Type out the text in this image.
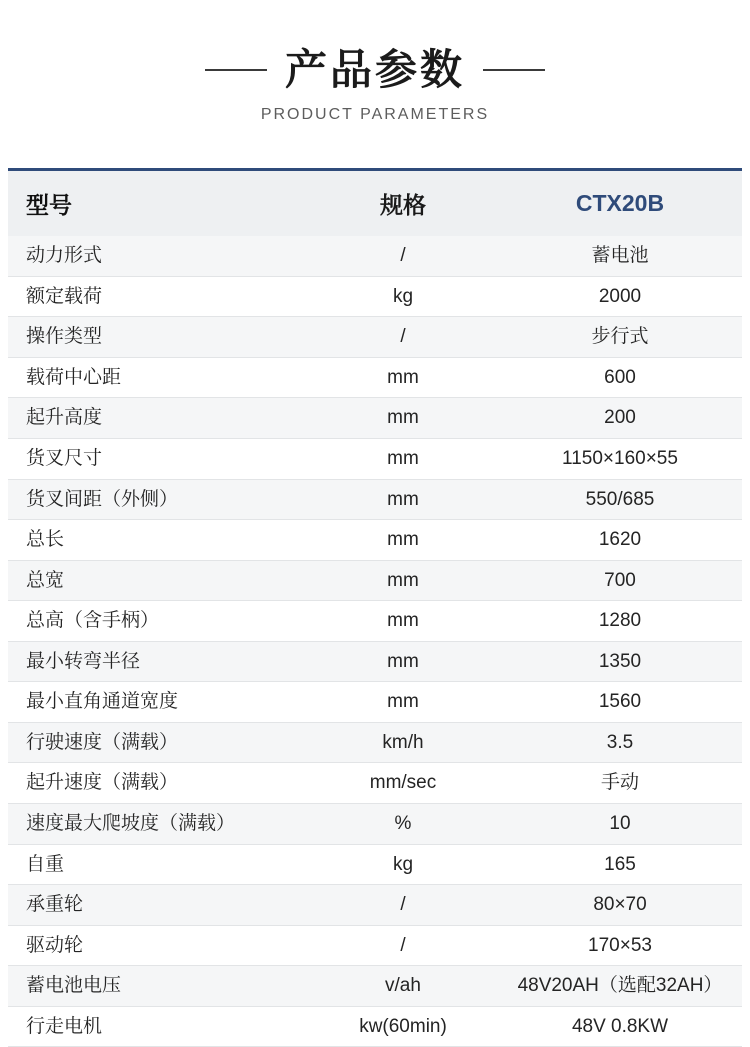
产品参数
PRODUCT PARAMETERS
型号	规格	CTX20B
动力形式	/	蓄电池
额定载荷	kg	2000
操作类型	/	步行式
载荷中心距	mm	600
起升高度	mm	200
货叉尺寸	mm	1150×160×55
货叉间距（外侧）	mm	550/685
总长	mm	1620
总宽	mm	700
总高（含手柄）	mm	1280
最小转弯半径	mm	1350
最小直角通道宽度	mm	1560
行驶速度（满载）	km/h	3.5
起升速度（满载）	mm/sec	手动
速度最大爬坡度（满载）	%	10
自重	kg	165
承重轮	/	80×70
驱动轮	/	170×53
蓄电池电压	v/ah	48V20AH（选配32AH）
行走电机	kw(60min)	48V 0.8KW
